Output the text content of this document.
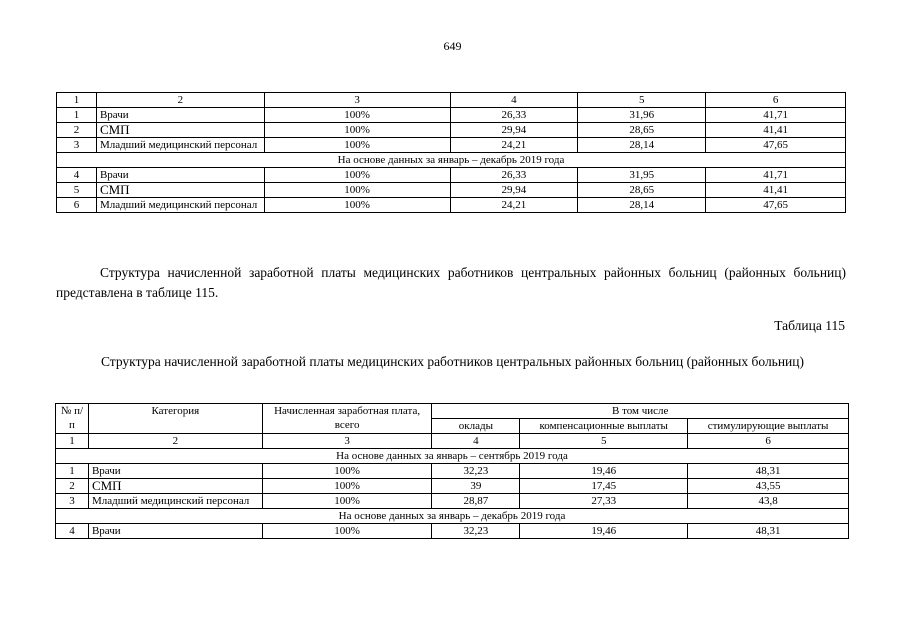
649
1	2	3	4	5	6
1	Врачи	100%	26,33	31,96	41,71
2	СМП	100%	29,94	28,65	41,41
3	Младший медицинский персонал	100%	24,21	28,14	47,65
На основе данных за январь – декабрь 2019 года					
4	Врачи	100%	26,33	31,95	41,71
5	СМП	100%	29,94	28,65	41,41
6	Младший медицинский персонал	100%	24,21	28,14	47,65

Структура начисленной заработной платы медицинских работников центральных районных больниц (районных больниц) представлена в таблице 115.

Таблица 115

Структура начисленной заработной платы медицинских работников центральных районных больниц (районных больниц)

№ п/п	Категория	Начисленная заработная плата, всего	В том числе		
			оклады	компенсационные выплаты	стимулирующие выплаты
1	2	3	4	5	6
На основе данных за январь – сентябрь 2019 года					
1	Врачи	100%	32,23	19,46	48,31
2	СМП	100%	39	17,45	43,55
3	Младший медицинский персонал	100%	28,87	27,33	43,8
На основе данных за январь – декабрь 2019 года					
4	Врачи	100%	32,23	19,46	48,31
